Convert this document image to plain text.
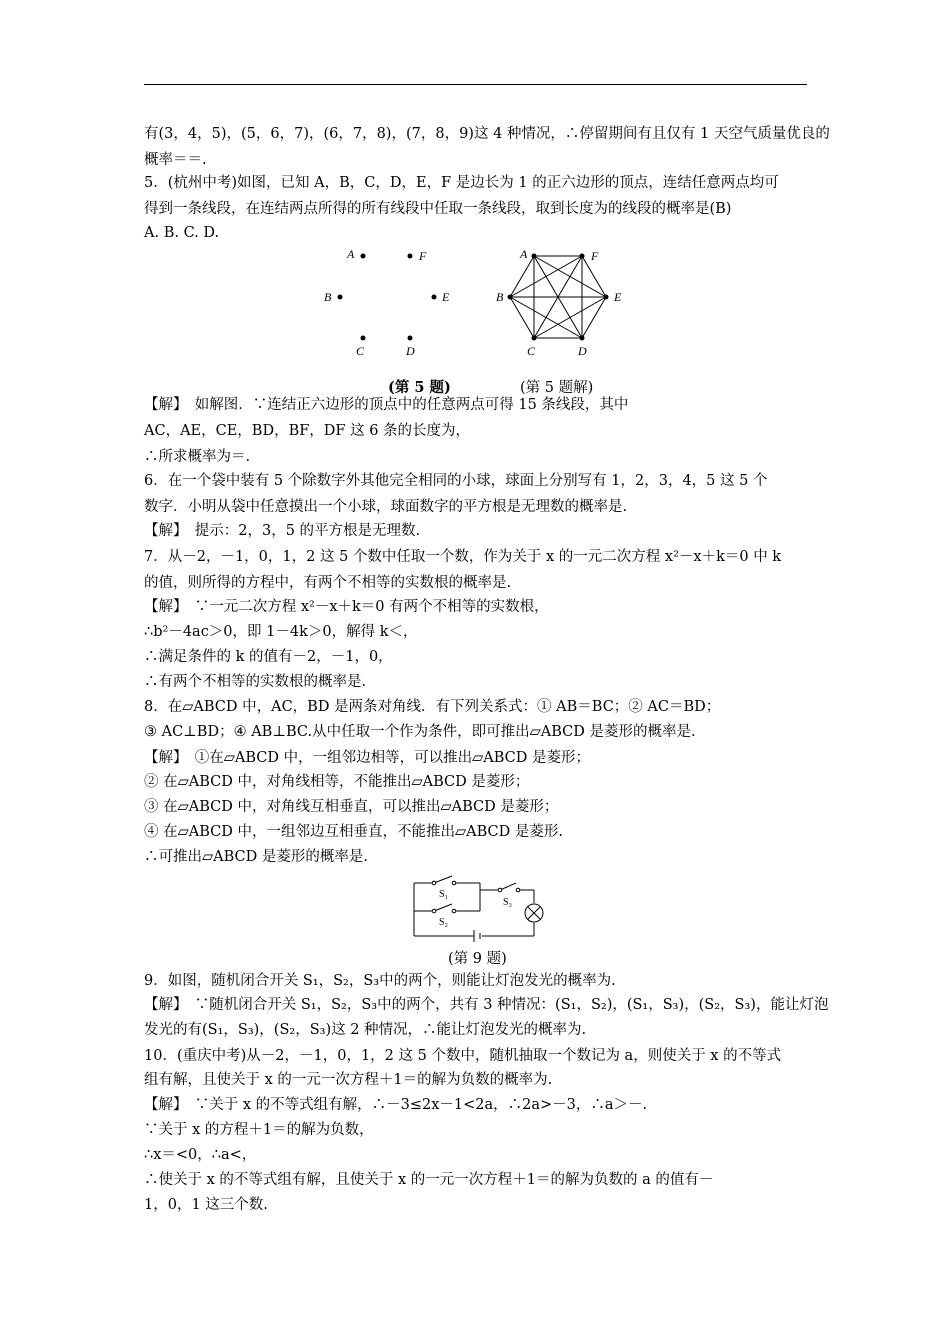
有(3，4，5)，(5，6，7)，(6，7，8)，(7，8，9)这 4 种情况，∴停留期间有且仅有 1 天空气质量优良的
概率＝＝.
5．(杭州中考)如图，已知 A，B，C，D，E，F 是边长为 1 的正六边形的顶点，连结任意两点均可
得到一条线段，在连结两点所得的所有线段中任取一条线段，取到长度为的线段的概率是(B)
A. B. C. D.
【解】　如解图．∵连结正六边形的顶点中的任意两点可得 15 条线段，其中
AC，AE，CE，BD，BF，DF 这 6 条的长度为，
∴所求概率为＝.
6．在一个袋中装有 5 个除数字外其他完全相同的小球，球面上分别写有 1，2，3，4，5 这 5 个
数字．小明从袋中任意摸出一个小球，球面数字的平方根是无理数的概率是.
【解】　提示：2，3，5 的平方根是无理数.
7．从－2，－1，0，1，2 这 5 个数中任取一个数，作为关于 x 的一元二次方程 x²－x＋k＝0 中 k
的值，则所得的方程中，有两个不相等的实数根的概率是.
【解】　∵一元二次方程 x²－x＋k＝0 有两个不相等的实数根，
∴b²－4ac＞0，即 1－4k＞0，解得 k＜，
∴满足条件的 k 的值有－2，－1，0，
∴有两个不相等的实数根的概率是.
8．在▱ABCD 中，AC，BD 是两条对角线．有下列关系式：① AB＝BC；② AC＝BD；
③ AC⊥BD；④ AB⊥BC.从中任取一个作为条件，即可推出▱ABCD 是菱形的概率是.
【解】　①在▱ABCD 中，一组邻边相等，可以推出▱ABCD 是菱形；
② 在▱ABCD 中，对角线相等，不能推出▱ABCD 是菱形；
③ 在▱ABCD 中，对角线互相垂直，可以推出▱ABCD 是菱形；
④ 在▱ABCD 中，一组邻边互相垂直，不能推出▱ABCD 是菱形.
∴可推出▱ABCD 是菱形的概率是.
9．如图，随机闭合开关 S₁，S₂，S₃中的两个，则能让灯泡发光的概率为.
【解】　∵随机闭合开关 S₁，S₂，S₃中的两个，共有 3 种情况：(S₁，S₂)，(S₁，S₃)，(S₂，S₃)，能让灯泡
发光的有(S₁，S₃)，(S₂，S₃)这 2 种情况，∴能让灯泡发光的概率为.
10．(重庆中考)从－2，－1，0，1，2 这 5 个数中，随机抽取一个数记为 a，则使关于 x 的不等式
组有解，且使关于 x 的一元一次方程＋1＝的解为负数的概率为.
【解】　∵关于 x 的不等式组有解，∴－3≤2x－1<2a，∴2a>－3，∴a＞－.
∵关于 x 的方程＋1＝的解为负数，
∴x＝<0，∴a<，
∴使关于 x 的不等式组有解，且使关于 x 的一元一次方程＋1＝的解为负数的 a 的值有－
1，0，1 这三个数.
A	F
B	E
C	D
A	F
B	E
C	D
(第 5 题)	(第 5 题解)
S₁
S₂
S₃
(第 9 题)
